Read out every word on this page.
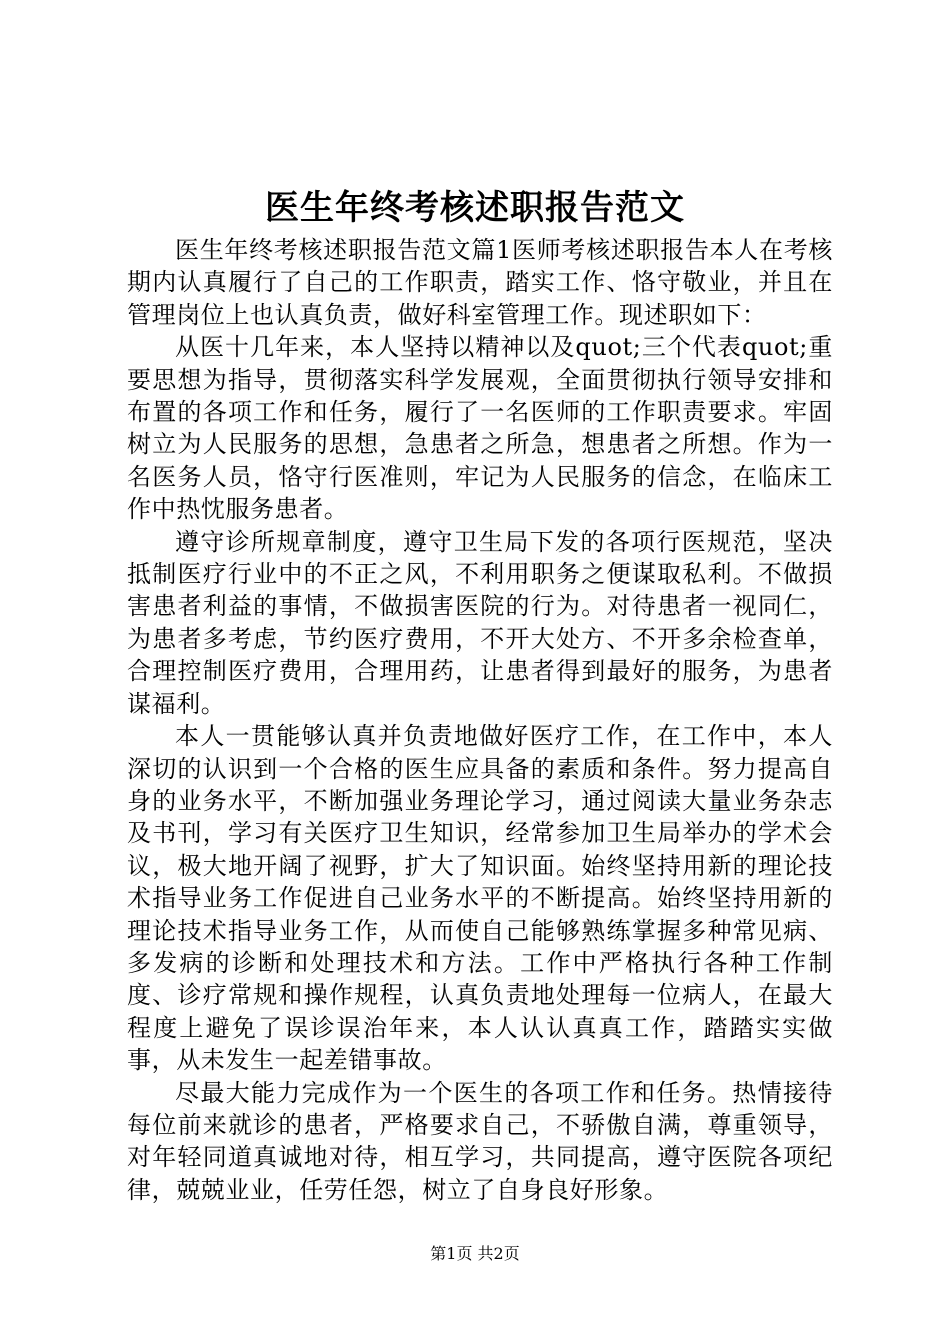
医生年终考核述职报告范文

医生年终考核述职报告范文篇1医师考核述职报告本人在考核期内认真履行了自己的工作职责，踏实工作、恪守敬业，并且在管理岗位上也认真负责，做好科室管理工作。现述职如下：

从医十几年来，本人坚持以精神以及quot;三个代表quot;重要思想为指导，贯彻落实科学发展观，全面贯彻执行领导安排和布置的各项工作和任务，履行了一名医师的工作职责要求。牢固树立为人民服务的思想，急患者之所急，想患者之所想。作为一名医务人员，恪守行医准则，牢记为人民服务的信念，在临床工作中热忱服务患者。

遵守诊所规章制度，遵守卫生局下发的各项行医规范，坚决抵制医疗行业中的不正之风，不利用职务之便谋取私利。不做损害患者利益的事情，不做损害医院的行为。对待患者一视同仁，为患者多考虑，节约医疗费用，不开大处方、不开多余检查单，合理控制医疗费用，合理用药，让患者得到最好的服务，为患者谋福利。

本人一贯能够认真并负责地做好医疗工作，在工作中，本人深切的认识到一个合格的医生应具备的素质和条件。努力提高自身的业务水平，不断加强业务理论学习，通过阅读大量业务杂志及书刊，学习有关医疗卫生知识，经常参加卫生局举办的学术会议，极大地开阔了视野，扩大了知识面。始终坚持用新的理论技术指导业务工作促进自己业务水平的不断提高。始终坚持用新的理论技术指导业务工作，从而使自己能够熟练掌握多种常见病、多发病的诊断和处理技术和方法。工作中严格执行各种工作制度、诊疗常规和操作规程，认真负责地处理每一位病人，在最大程度上避免了误诊误治年来，本人认认真真工作，踏踏实实做事，从未发生一起差错事故。

尽最大能力完成作为一个医生的各项工作和任务。热情接待每位前来就诊的患者，严格要求自己，不骄傲自满，尊重领导，对年轻同道真诚地对待，相互学习，共同提高，遵守医院各项纪律，兢兢业业，任劳任怨，树立了自身良好形象。

第1页 共2页
